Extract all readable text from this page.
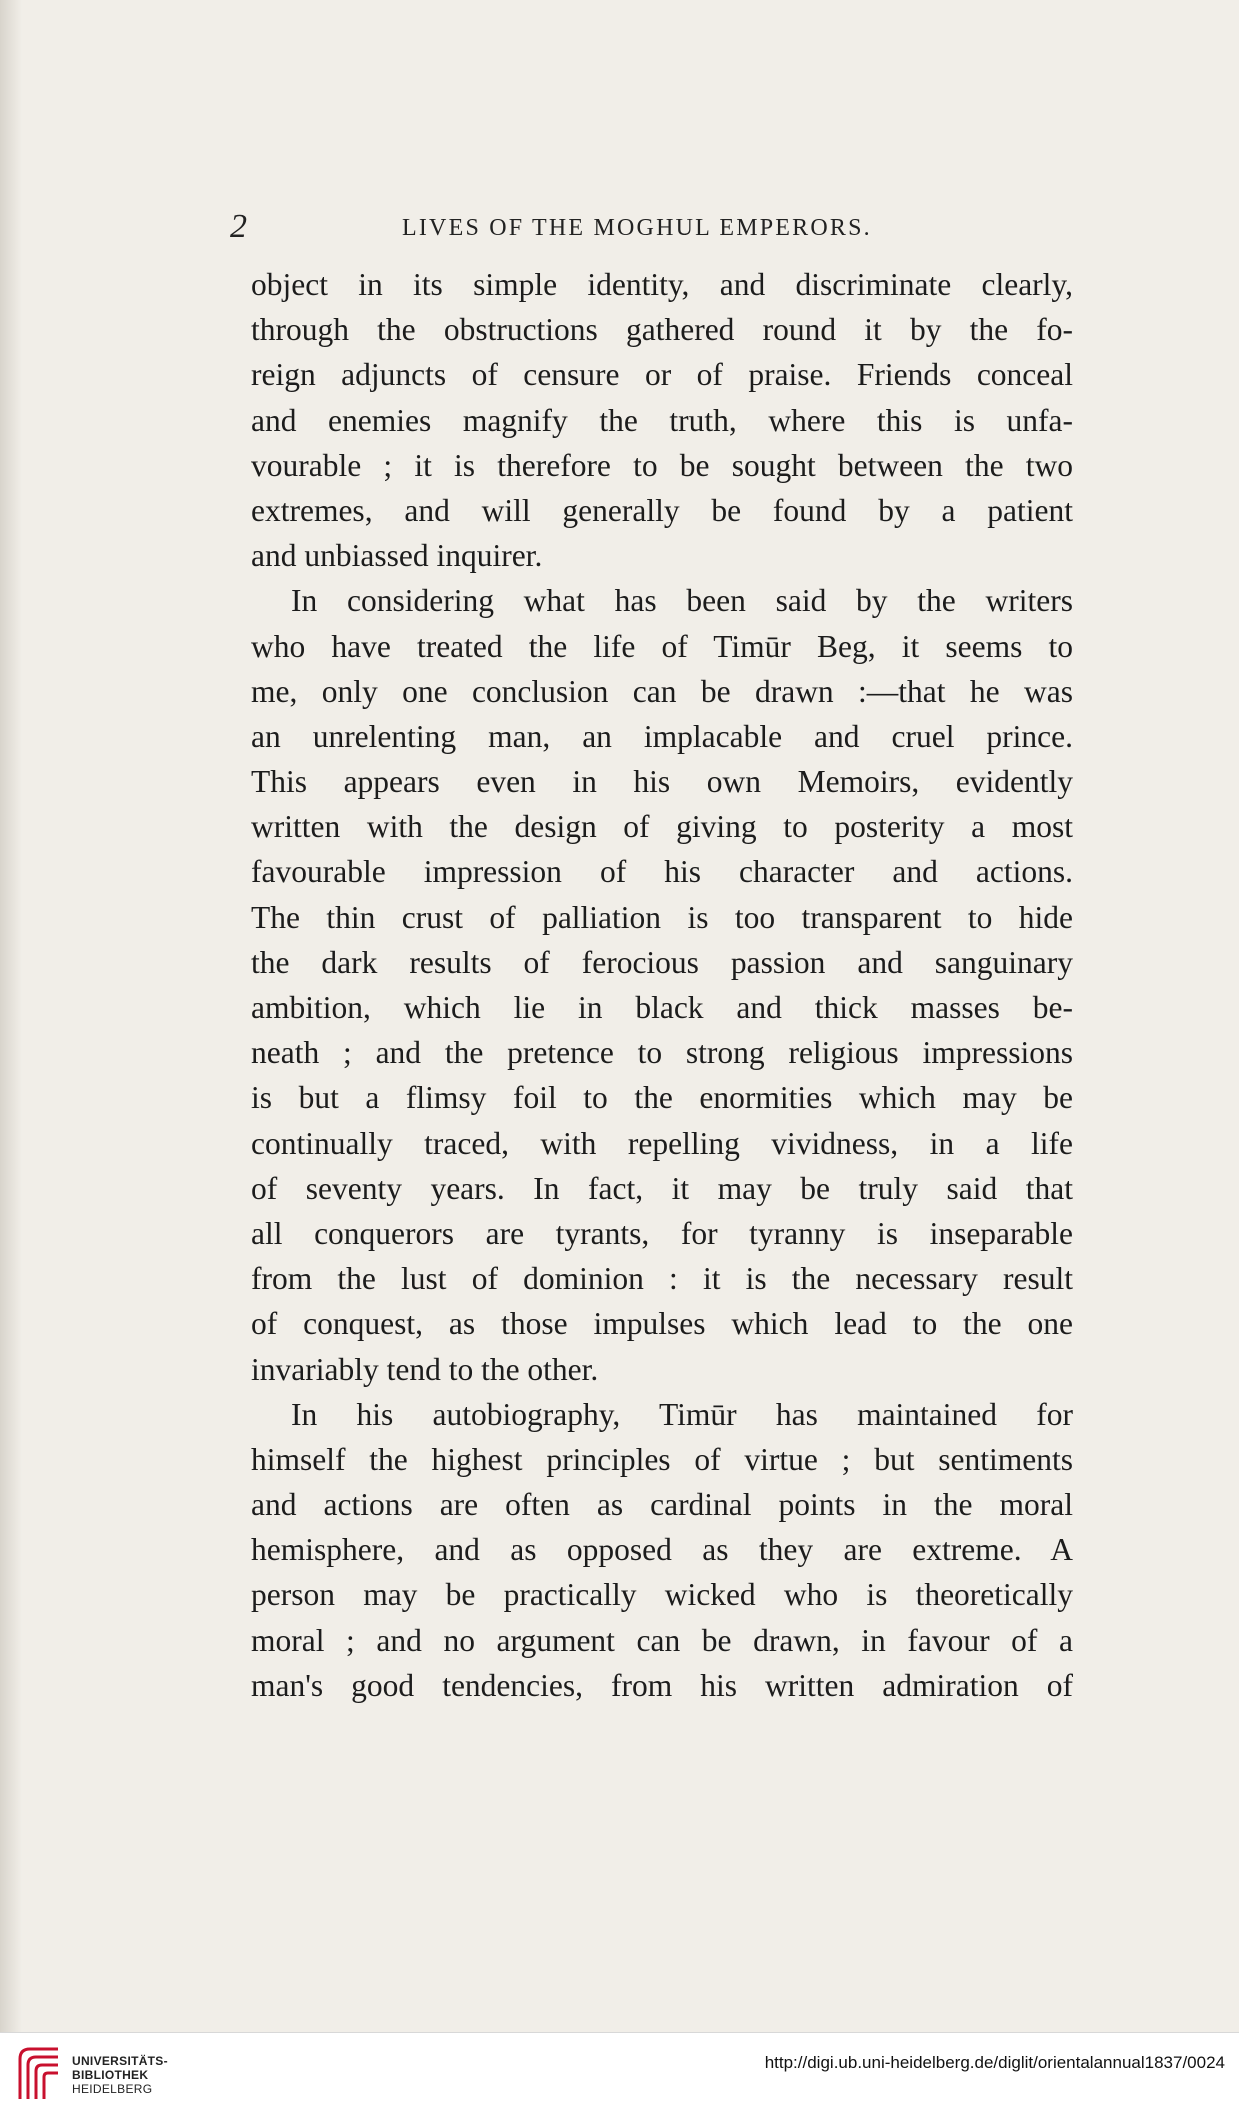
2	LIVES OF THE MOGHUL EMPERORS.
object in its simple identity, and discriminate clearly,
through the obstructions gathered round it by the fo-
reign adjuncts of censure or of praise. Friends conceal
and enemies magnify the truth, where this is unfa-
vourable ; it is therefore to be sought between the two
extremes, and will generally be found by a patient
and unbiassed inquirer.
In considering what has been said by the writers
who have treated the life of Timūr Beg, it seems to
me, only one conclusion can be drawn :—that he was
an unrelenting man, an implacable and cruel prince.
This appears even in his own Memoirs, evidently
written with the design of giving to posterity a most
favourable impression of his character and actions.
The thin crust of palliation is too transparent to hide
the dark results of ferocious passion and sanguinary
ambition, which lie in black and thick masses be-
neath ; and the pretence to strong religious impressions
is but a flimsy foil to the enormities which may be
continually traced, with repelling vividness, in a life
of seventy years. In fact, it may be truly said that
all conquerors are tyrants, for tyranny is inseparable
from the lust of dominion : it is the necessary result
of conquest, as those impulses which lead to the one
invariably tend to the other.
In his autobiography, Timūr has maintained for
himself the highest principles of virtue ; but sentiments
and actions are often as cardinal points in the moral
hemisphere, and as opposed as they are extreme. A
person may be practically wicked who is theoretically
moral ; and no argument can be drawn, in favour of a
man's good tendencies, from his written admiration of
UNIVERSITÄTS-
BIBLIOTHEK
HEIDELBERG
http://digi.ub.uni-heidelberg.de/diglit/orientalannual1837/0024
